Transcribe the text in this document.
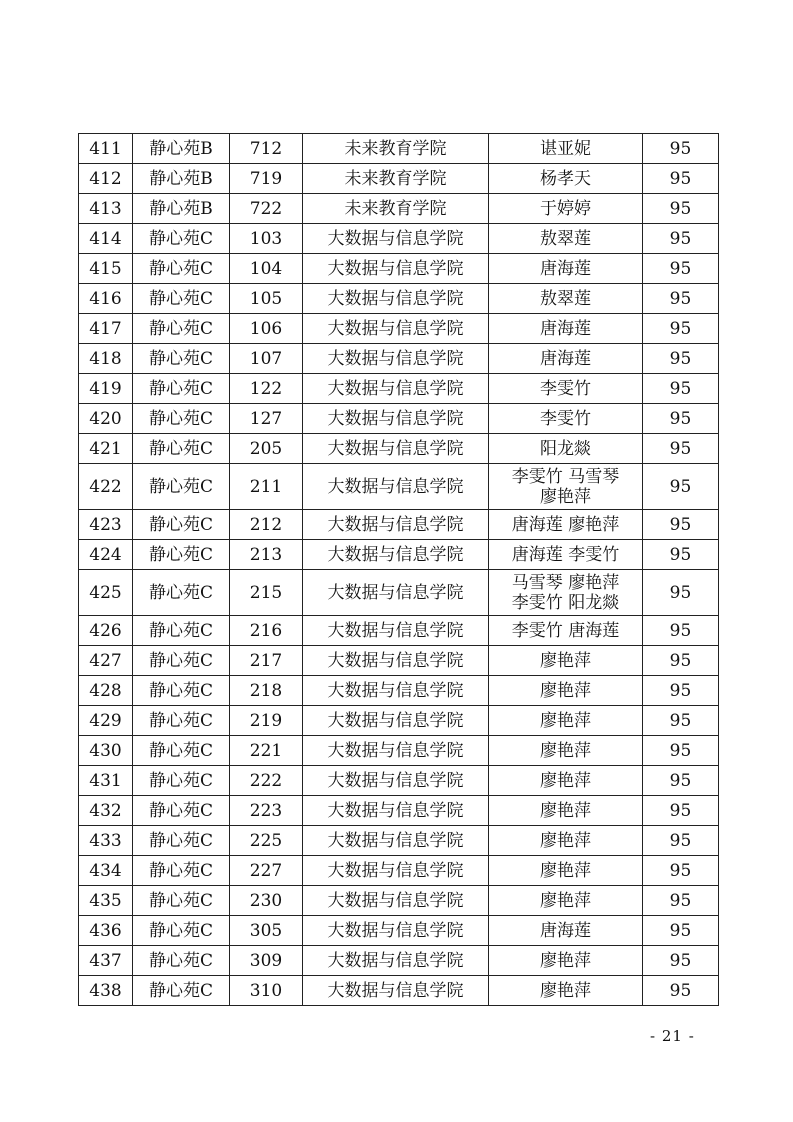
411	静心苑B	712	未来教育学院	谌亚妮	95
412	静心苑B	719	未来教育学院	杨孝天	95
413	静心苑B	722	未来教育学院	于婷婷	95
414	静心苑C	103	大数据与信息学院	敖翠莲	95
415	静心苑C	104	大数据与信息学院	唐海莲	95
416	静心苑C	105	大数据与信息学院	敖翠莲	95
417	静心苑C	106	大数据与信息学院	唐海莲	95
418	静心苑C	107	大数据与信息学院	唐海莲	95
419	静心苑C	122	大数据与信息学院	李雯竹	95
420	静心苑C	127	大数据与信息学院	李雯竹	95
421	静心苑C	205	大数据与信息学院	阳龙燚	95
422	静心苑C	211	大数据与信息学院	李雯竹 马雪琴
廖艳萍	95
423	静心苑C	212	大数据与信息学院	唐海莲 廖艳萍	95
424	静心苑C	213	大数据与信息学院	唐海莲 李雯竹	95
425	静心苑C	215	大数据与信息学院	马雪琴 廖艳萍
李雯竹 阳龙燚	95
426	静心苑C	216	大数据与信息学院	李雯竹 唐海莲	95
427	静心苑C	217	大数据与信息学院	廖艳萍	95
428	静心苑C	218	大数据与信息学院	廖艳萍	95
429	静心苑C	219	大数据与信息学院	廖艳萍	95
430	静心苑C	221	大数据与信息学院	廖艳萍	95
431	静心苑C	222	大数据与信息学院	廖艳萍	95
432	静心苑C	223	大数据与信息学院	廖艳萍	95
433	静心苑C	225	大数据与信息学院	廖艳萍	95
434	静心苑C	227	大数据与信息学院	廖艳萍	95
435	静心苑C	230	大数据与信息学院	廖艳萍	95
436	静心苑C	305	大数据与信息学院	唐海莲	95
437	静心苑C	309	大数据与信息学院	廖艳萍	95
438	静心苑C	310	大数据与信息学院	廖艳萍	95
- 21 -
